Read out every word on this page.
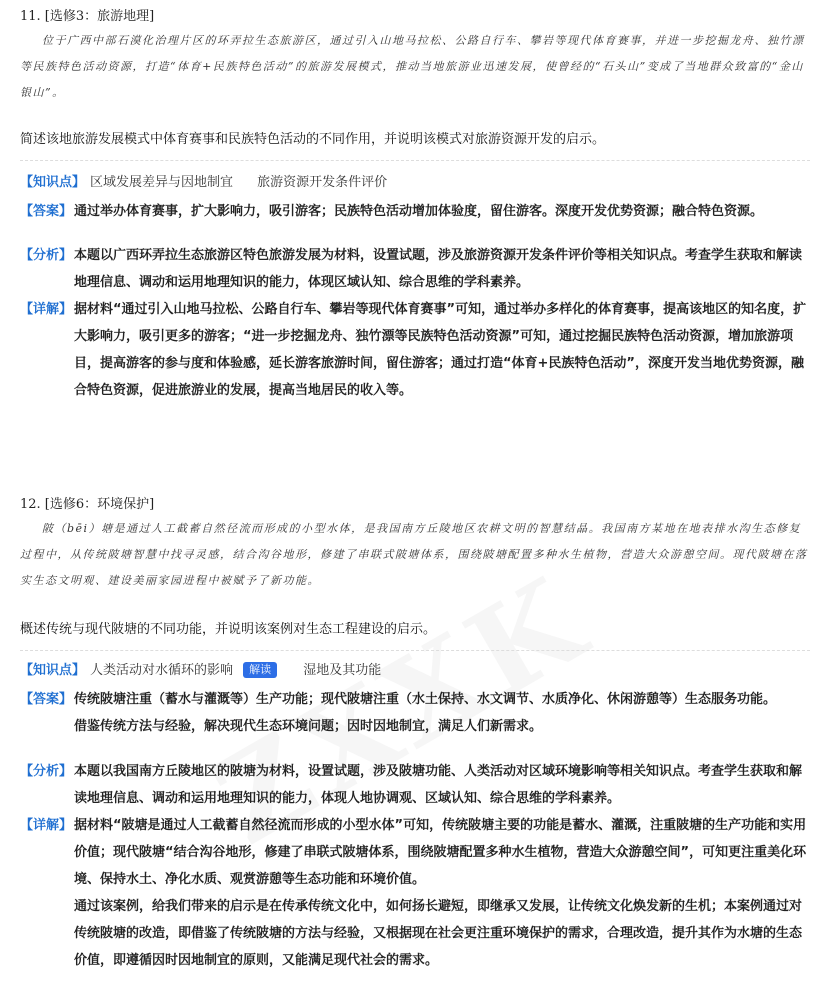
11. [选修3：旅游地理]
位于广西中部石漠化治理片区的环弄拉生态旅游区，通过引入山地马拉松、公路自行车、攀岩等现代体育赛事，并进一步挖掘龙舟、独竹漂等民族特色活动资源，打造“体育+民族特色活动”的旅游发展模式，推动当地旅游业迅速发展，使曾经的“石头山”变成了当地群众致富的“金山银山”。
简述该地旅游发展模式中体育赛事和民族特色活动的不同作用，并说明该模式对旅游资源开发的启示。
【知识点】 区域发展差异与因地制宜 旅游资源开发条件评价
【答案】 通过举办体育赛事，扩大影响力，吸引游客；民族特色活动增加体验度，留住游客。深度开发优势资源；融合特色资源。
【分析】 本题以广西环弄拉生态旅游区特色旅游发展为材料，设置试题，涉及旅游资源开发条件评价等相关知识点。考查学生获取和解读地理信息、调动和运用地理知识的能力，体现区域认知、综合思维的学科素养。
【详解】 据材料“通过引入山地马拉松、公路自行车、攀岩等现代体育赛事”可知，通过举办多样化的体育赛事，提高该地区的知名度，扩大影响力，吸引更多的游客；“进一步挖掘龙舟、独竹漂等民族特色活动资源”可知，通过挖掘民族特色活动资源，增加旅游项目，提高游客的参与度和体验感，延长游客旅游时间，留住游客；通过打造“体育+民族特色活动”，深度开发当地优势资源，融合特色资源，促进旅游业的发展，提高当地居民的收入等。
12. [选修6：环境保护]
陂（bēi）塘是通过人工截蓄自然径流而形成的小型水体，是我国南方丘陵地区农耕文明的智慧结晶。我国南方某地在地表排水沟生态修复过程中，从传统陂塘智慧中找寻灵感，结合沟谷地形，修建了串联式陂塘体系，围绕陂塘配置多种水生植物，营造大众游憩空间。现代陂塘在落实生态文明观、建设美丽家园进程中被赋予了新功能。
概述传统与现代陂塘的不同功能，并说明该案例对生态工程建设的启示。
【知识点】 人类活动对水循环的影响 解读 湿地及其功能
【答案】 传统陂塘注重（蓄水与灌溉等）生产功能；现代陂塘注重（水土保持、水文调节、水质净化、休闲游憩等）生态服务功能。
借鉴传统方法与经验，解决现代生态环境问题；因时因地制宜，满足人们新需求。
【分析】 本题以我国南方丘陵地区的陂塘为材料，设置试题，涉及陂塘功能、人类活动对区域环境影响等相关知识点。考查学生获取和解读地理信息、调动和运用地理知识的能力，体现人地协调观、区域认知、综合思维的学科素养。
【详解】 据材料“陂塘是通过人工截蓄自然径流而形成的小型水体”可知，传统陂塘主要的功能是蓄水、灌溉，注重陂塘的生产功能和实用价值；现代陂塘“结合沟谷地形，修建了串联式陂塘体系，围绕陂塘配置多种水生植物，营造大众游憩空间”，可知更注重美化环境、保持水土、净化水质、观赏游憩等生态功能和环境价值。
通过该案例，给我们带来的启示是在传承传统文化中，如何扬长避短，即继承又发展，让传统文化焕发新的生机；本案例通过对传统陂塘的改造，即借鉴了传统陂塘的方法与经验，又根据现在社会更注重环境保护的需求，合理改造，提升其作为水塘的生态价值，即遵循因时因地制宜的原则，又能满足现代社会的需求。
